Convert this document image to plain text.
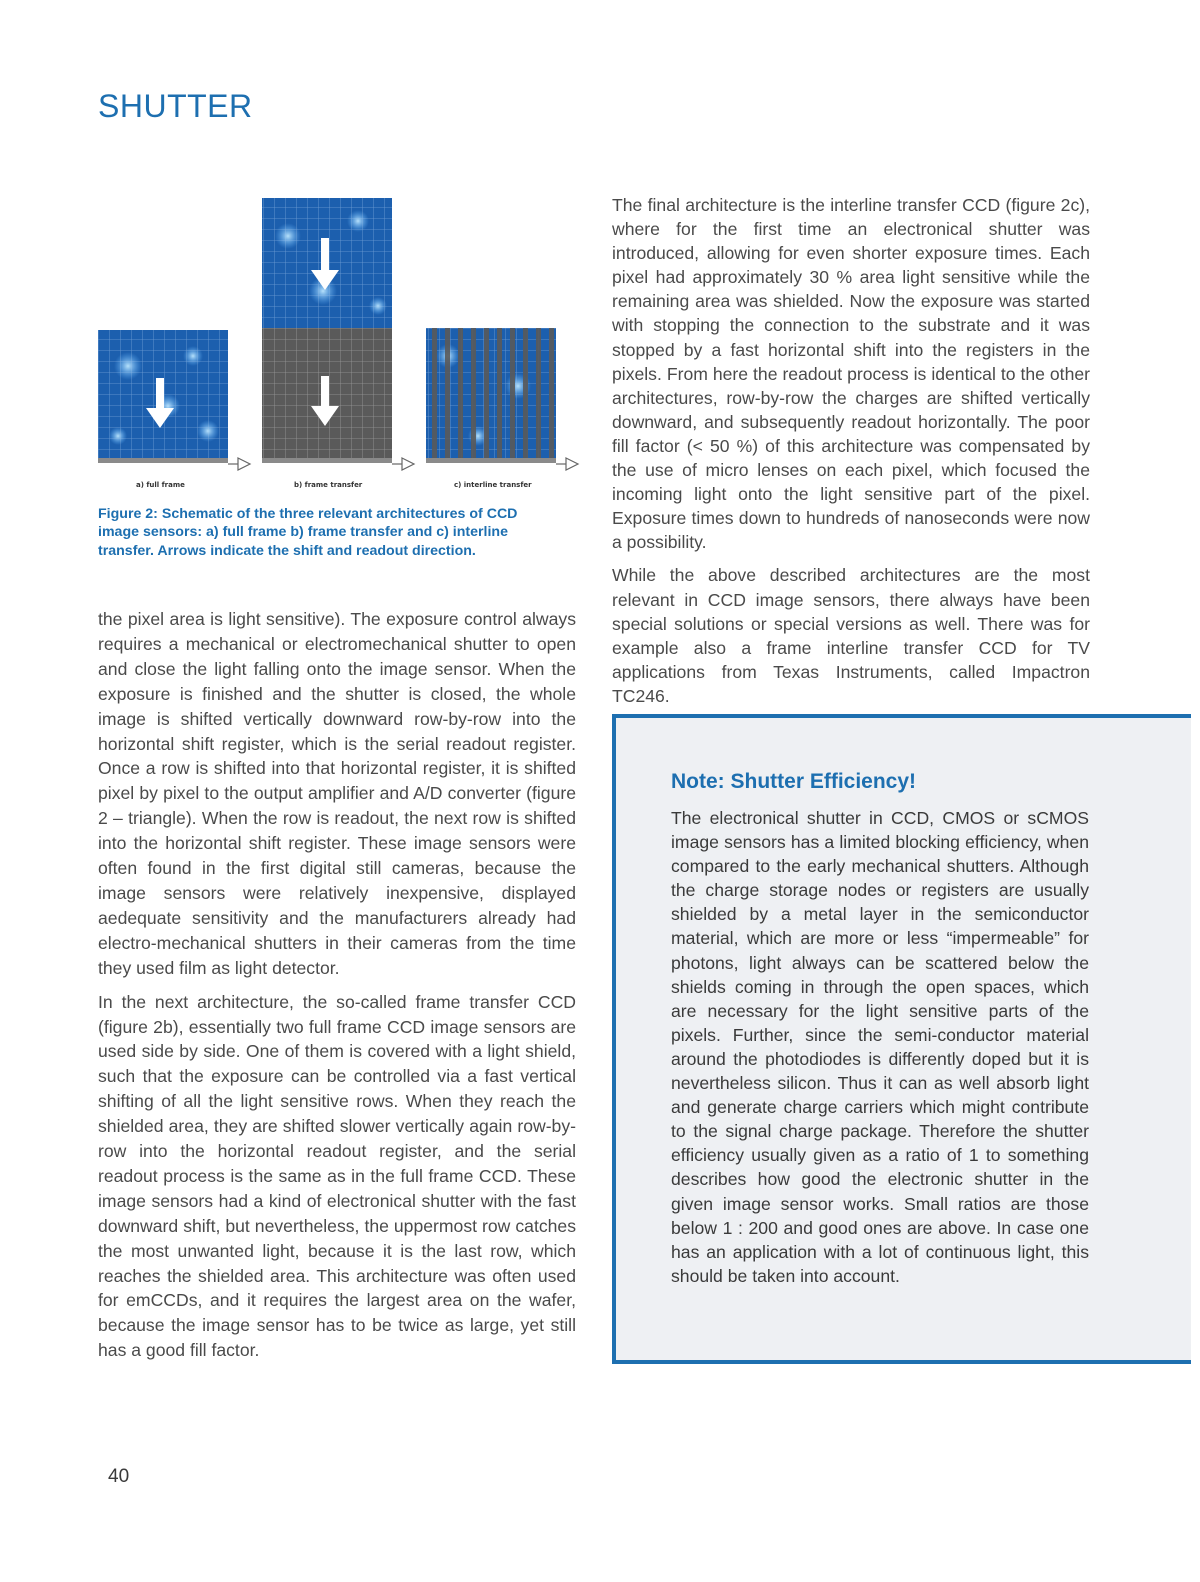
SHUTTER
a) full frame	b) frame transfer	c) interline transfer

Figure 2: Schematic of the three relevant architectures of CCD image sensors: a) full frame b) frame transfer and c) interline transfer. Arrows indicate the shift and readout direction.

the pixel area is light sensitive). The exposure control always requires a mechanical or electromechanical shutter to open and close the light falling onto the image sensor. When the exposure is finished and the shutter is closed, the whole image is shifted vertically downward row-by-row into the horizontal shift register, which is the serial readout register. Once a row is shifted into that horizontal register, it is shifted pixel by pixel to the output amplifier and A/D converter (figure 2 – triangle). When the row is readout, the next row is shifted into the horizontal shift register. These image sensors were often found in the first digital still cameras, because the image sensors were relatively inexpensive, displayed aedequate sensitivity and the manufacturers already had electro-mechanical shutters in their cameras from the time they used film as light detector.

In the next architecture, the so-called frame transfer CCD (figure 2b), essentially two full frame CCD image sensors are used side by side. One of them is covered with a light shield, such that the exposure can be controlled via a fast vertical shifting of all the light sensitive rows. When they reach the shielded area, they are shifted slower vertically again row-by-row into the horizontal readout register, and the serial readout process is the same as in the full frame CCD. These image sensors had a kind of electronical shutter with the fast downward shift, but nevertheless, the uppermost row catches the most unwanted light, because it is the last row, which reaches the shielded area. This architecture was often used for emCCDs, and it requires the largest area on the wafer, because the image sensor has to be twice as large, yet still has a good fill factor.

The final architecture is the interline transfer CCD (figure 2c), where for the first time an electronical shutter was introduced, allowing for even shorter exposure times. Each pixel had approximately 30 % area light sensitive while the remaining area was shielded. Now the exposure was started with stopping the connection to the substrate and it was stopped by a fast horizontal shift into the registers in the pixels. From here the readout process is identical to the other architectures, row-by-row the charges are shifted vertically downward, and subsequently readout horizontally. The poor fill factor (< 50 %) of this architecture was compensated by the use of micro lenses on each pixel, which focused the incoming light onto the light sensitive part of the pixel. Exposure times down to hundreds of nanoseconds were now a possibility.

While the above described architectures are the most relevant in CCD image sensors, there always have been special solutions or special versions as well. There was for example also a frame interline transfer CCD for TV applications from Texas Instruments, called Impactron TC246.

Note: Shutter Efficiency!

The electronical shutter in CCD, CMOS or sCMOS image sensors has a limited blocking efficiency, when compared to the early mechanical shutters. Although the charge storage nodes or registers are usually shielded by a metal layer in the semiconductor material, which are more or less “impermeable” for photons, light always can be scattered below the shields coming in through the open spaces, which are necessary for the light sensitive parts of the pixels. Further, since the semi-conductor material around the photodiodes is differently doped but it is nevertheless silicon. Thus it can as well absorb light and generate charge carriers which might contribute to the signal charge package. Therefore the shutter efficiency usually given as a ratio of 1 to something describes how good the electronic shutter in the given image sensor works. Small ratios are those below 1 : 200 and good ones are above. In case one has an application with a lot of continuous light, this should be taken into account.

40
